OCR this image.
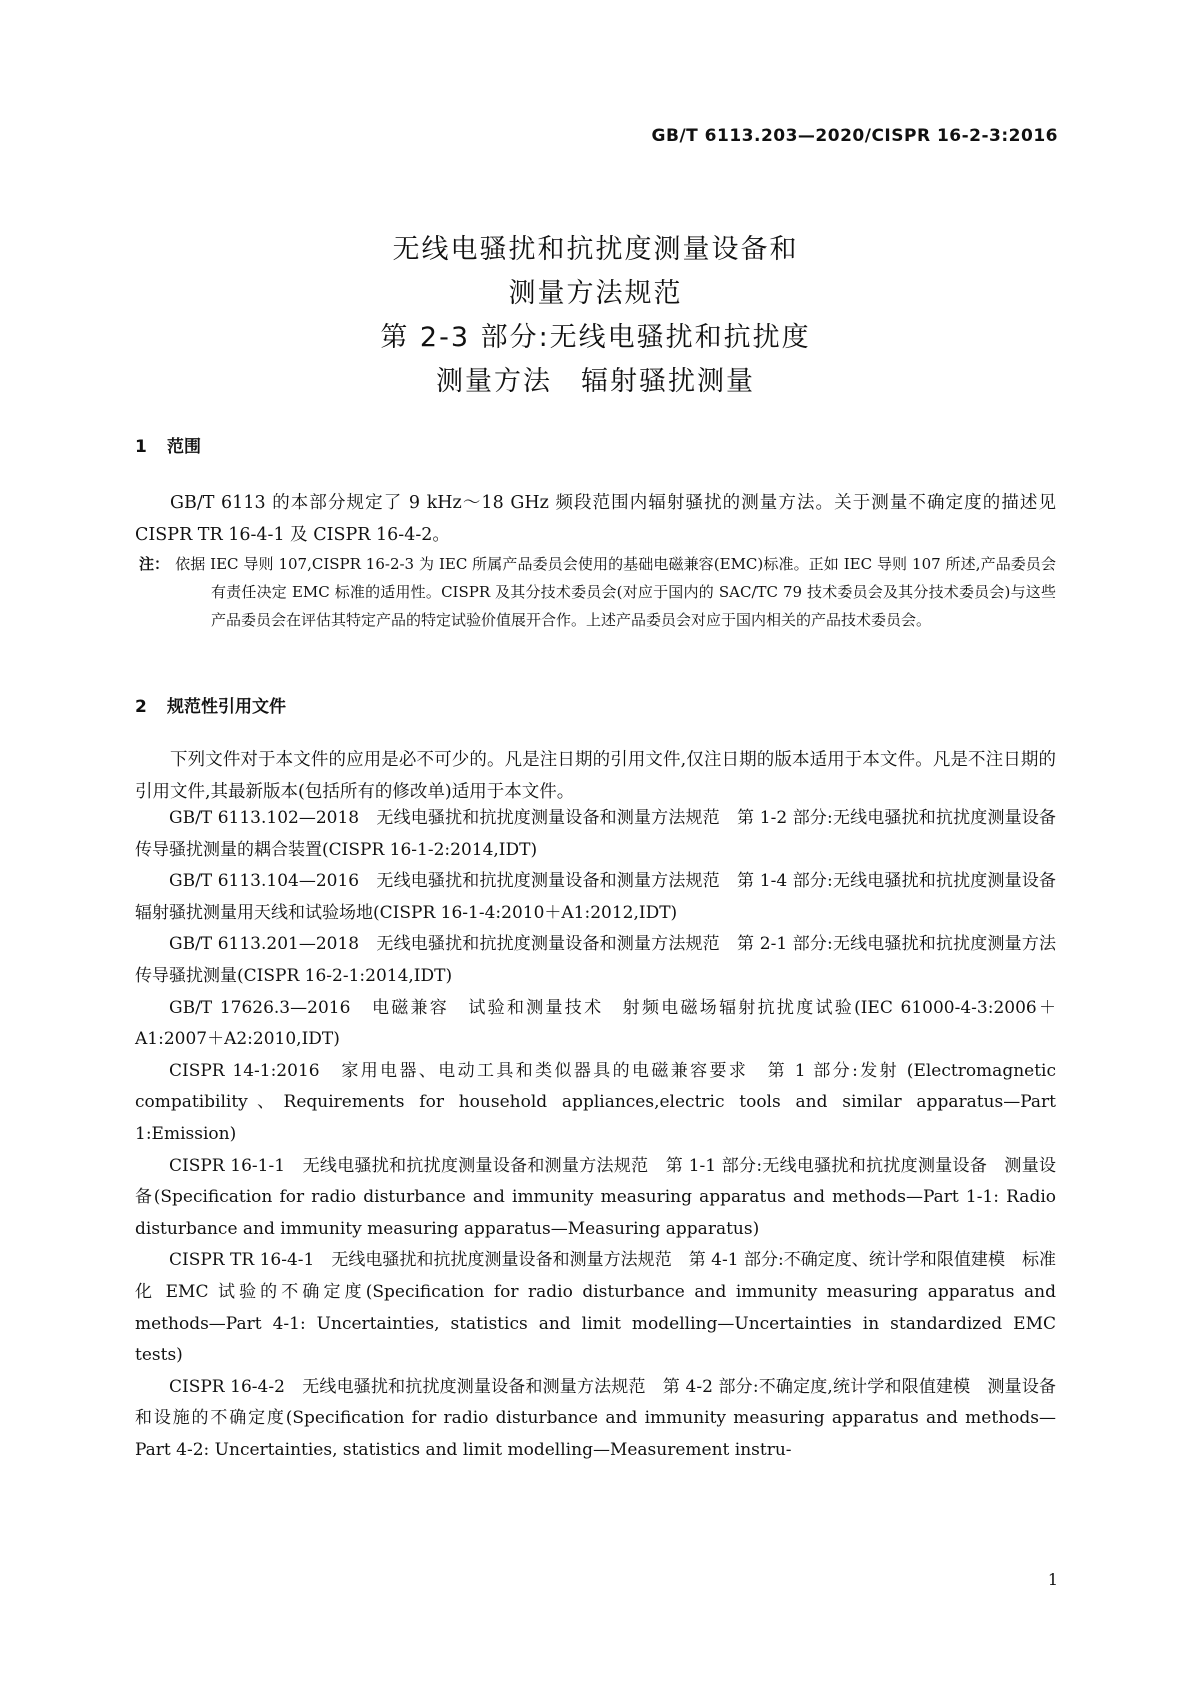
GB/T 6113.203—2020/CISPR 16-2-3:2016
无线电骚扰和抗扰度测量设备和
测量方法规范
第 2-3 部分:无线电骚扰和抗扰度
测量方法　辐射骚扰测量
1 范围

GB/T 6113 的本部分规定了 9 kHz～18 GHz 频段范围内辐射骚扰的测量方法。关于测量不确定度的描述见 CISPR TR 16-4-1 及 CISPR 16-4-2。

注： 依据 IEC 导则 107,CISPR 16-2-3 为 IEC 所属产品委员会使用的基础电磁兼容(EMC)标准。正如 IEC 导则 107 所述,产品委员会有责任决定 EMC 标准的适用性。CISPR 及其分技术委员会(对应于国内的 SAC/TC 79 技术委员会及其分技术委员会)与这些产品委员会在评估其特定产品的特定试验价值展开合作。上述产品委员会对应于国内相关的产品技术委员会。
2 规范性引用文件

下列文件对于本文件的应用是必不可少的。凡是注日期的引用文件,仅注日期的版本适用于本文件。凡是不注日期的引用文件,其最新版本(包括所有的修改单)适用于本文件。

GB/T 6113.102—2018　无线电骚扰和抗扰度测量设备和测量方法规范　第 1-2 部分:无线电骚扰和抗扰度测量设备　传导骚扰测量的耦合装置(CISPR 16-1-2:2014,IDT)

GB/T 6113.104—2016　无线电骚扰和抗扰度测量设备和测量方法规范　第 1-4 部分:无线电骚扰和抗扰度测量设备　辐射骚扰测量用天线和试验场地(CISPR 16-1-4:2010＋A1:2012,IDT)

GB/T 6113.201—2018　无线电骚扰和抗扰度测量设备和测量方法规范　第 2-1 部分:无线电骚扰和抗扰度测量方法　传导骚扰测量(CISPR 16-2-1:2014,IDT)

GB/T 17626.3—2016　电磁兼容　试验和测量技术　射频电磁场辐射抗扰度试验(IEC 61000-4-3:2006＋A1:2007＋A2:2010,IDT)

CISPR 14-1:2016　家用电器、电动工具和类似器具的电磁兼容要求　第 1 部分:发射 (Electromagnetic compatibility、Requirements for household appliances,electric tools and similar apparatus—Part 1:Emission)

CISPR 16-1-1　无线电骚扰和抗扰度测量设备和测量方法规范　第 1-1 部分:无线电骚扰和抗扰度测量设备　测量设备(Specification for radio disturbance and immunity measuring apparatus and methods—Part 1-1: Radio disturbance and immunity measuring apparatus—Measuring apparatus)

CISPR TR 16-4-1　无线电骚扰和抗扰度测量设备和测量方法规范　第 4-1 部分:不确定度、统计学和限值建模　标准化 EMC 试验的不确定度(Specification for radio disturbance and immunity measuring apparatus and methods—Part 4-1: Uncertainties, statistics and limit modelling—Uncertainties in standardized EMC tests)

CISPR 16-4-2　无线电骚扰和抗扰度测量设备和测量方法规范　第 4-2 部分:不确定度,统计学和限值建模　测量设备和设施的不确定度(Specification for radio disturbance and immunity measuring apparatus and methods—Part 4-2: Uncertainties, statistics and limit modelling—Measurement instru-

1
